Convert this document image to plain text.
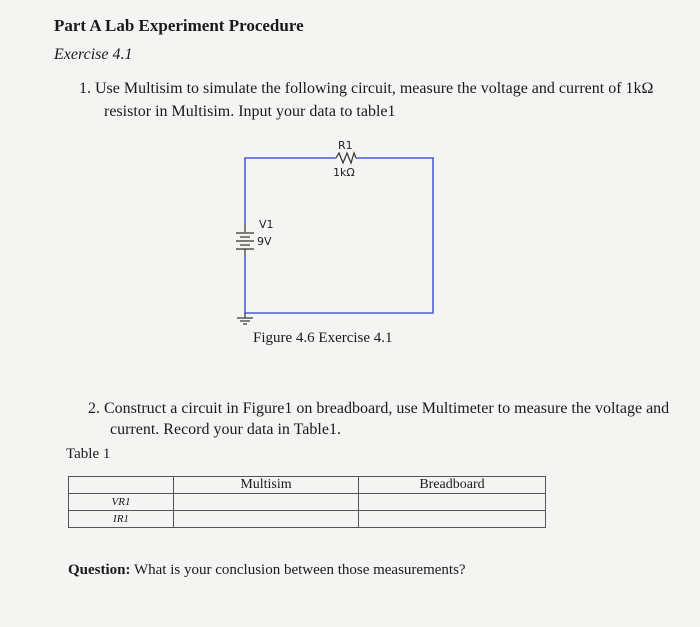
Part A Lab Experiment Procedure
Exercise 4.1
1. Use Multisim to simulate the following circuit, measure the voltage and current of 1kΩ
resistor in Multisim. Input your data to table1
R1
1kΩ
V1
9V
Figure 4.6 Exercise 4.1
2. Construct a circuit in Figure1 on breadboard, use Multimeter to measure the voltage and
current. Record your data in Table1.
Table 1
	Multisim	Breadboard
VR1		
IR1		
Question: What is your conclusion between those measurements?
